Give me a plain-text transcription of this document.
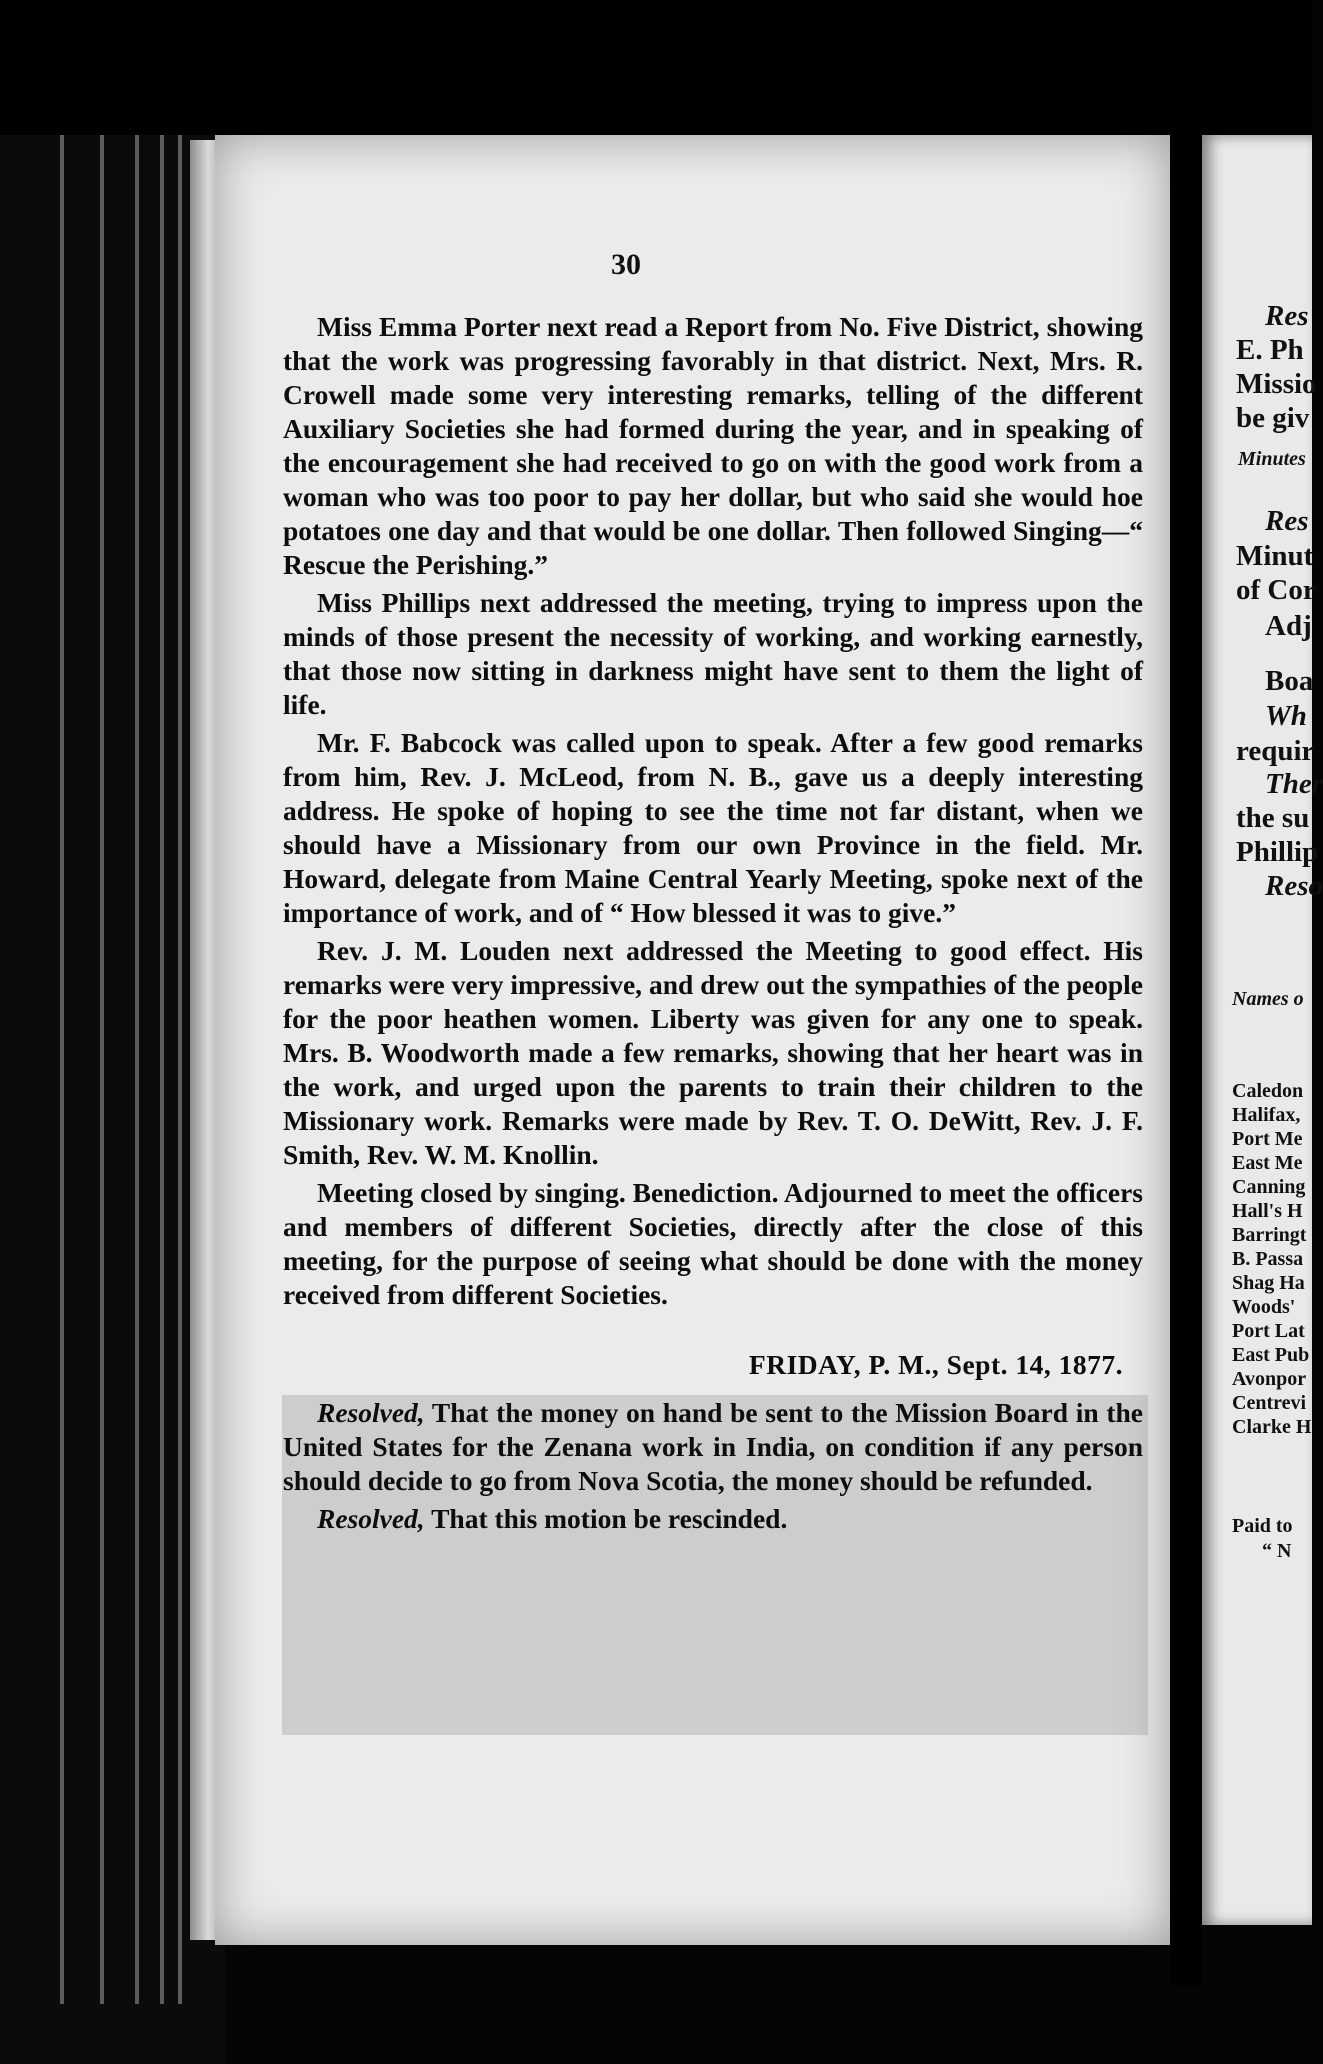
30

Miss Emma Porter next read a Report from No. Five District, showing that the work was progressing favorably in that district. Next, Mrs. R. Crowell made some very interesting remarks, telling of the different Auxiliary Societies she had formed during the year, and in speaking of the encouragement she had received to go on with the good work from a woman who was too poor to pay her dollar, but who said she would hoe potatoes one day and that would be one dollar. Then followed Singing—“ Rescue the Perishing.”

Miss Phillips next addressed the meeting, trying to impress upon the minds of those present the necessity of working, and working earnestly, that those now sitting in darkness might have sent to them the light of life.

Mr. F. Babcock was called upon to speak. After a few good remarks from him, Rev. J. McLeod, from N. B., gave us a deeply interesting address. He spoke of hoping to see the time not far distant, when we should have a Missionary from our own Province in the field. Mr. Howard, delegate from Maine Central Yearly Meeting, spoke next of the importance of work, and of “ How blessed it was to give.”

Rev. J. M. Louden next addressed the Meeting to good effect. His remarks were very impressive, and drew out the sympathies of the people for the poor heathen women. Liberty was given for any one to speak. Mrs. B. Woodworth made a few remarks, showing that her heart was in the work, and urged upon the parents to train their children to the Missionary work. Remarks were made by Rev. T. O. DeWitt, Rev. J. F. Smith, Rev. W. M. Knollin.

Meeting closed by singing. Benediction. Adjourned to meet the officers and members of different Societies, directly after the close of this meeting, for the purpose of seeing what should be done with the money received from different Societies.

FRIDAY, P. M., Sept. 14, 1877.

Resolved, That the money on hand be sent to the Mission Board in the United States for the Zenana work in India, on condition if any person should decide to go from Nova Scotia, the money should be refunded.

Resolved, That this motion be rescinded.

Res
E. Ph
Missio
be giv
Minutes
Res
Minut
of Cor
Adj
Boa
Wh
requir
Ther
the su
Phillip
Reso
Names o
Caledon
Halifax,
Port Me
East Me
Canning
Hall's H
Barringt
B. Passa
Shag Ha
Woods'
Port Lat
East Pub
Avonpor
Centrevi
Clarke H
Paid to
“ N
